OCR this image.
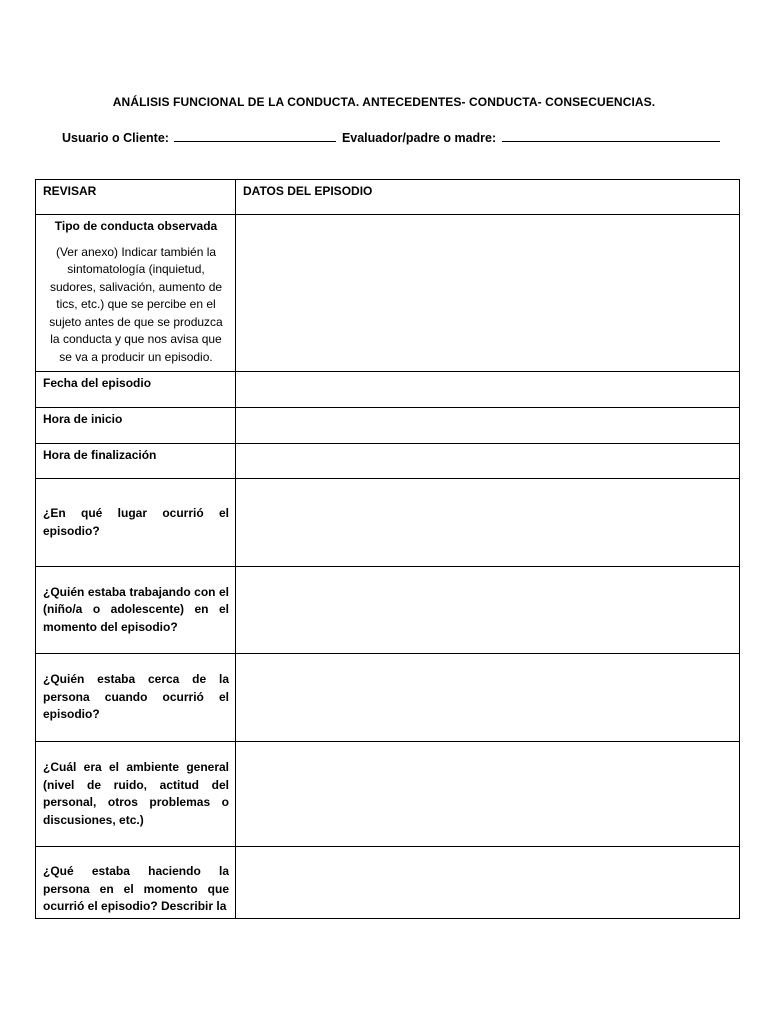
ANÁLISIS FUNCIONAL DE LA CONDUCTA. ANTECEDENTES- CONDUCTA- CONSECUENCIAS.
Usuario o Cliente:	Evaluador/padre o madre:
REVISAR	DATOS DEL EPISODIO

Tipo de conducta observada
(Ver anexo) Indicar también la sintomatología (inquietud, sudores, salivación, aumento de tics, etc.) que se percibe en el sujeto antes de que se produzca la conducta y que nos avisa que se va a producir un episodio.	

Fecha del episodio	
Hora de inicio	
Hora de finalización	
¿En qué lugar ocurrió el episodio?	
¿Quién estaba trabajando con el (niño/a o adolescente) en el momento del episodio?	
¿Quién estaba cerca de la persona cuando ocurrió el episodio?	
¿Cuál era el ambiente general (nivel de ruido, actitud del personal, otros problemas o discusiones, etc.)	

¿Qué estaba haciendo la persona en el momento que ocurrió el episodio? Describir la	
